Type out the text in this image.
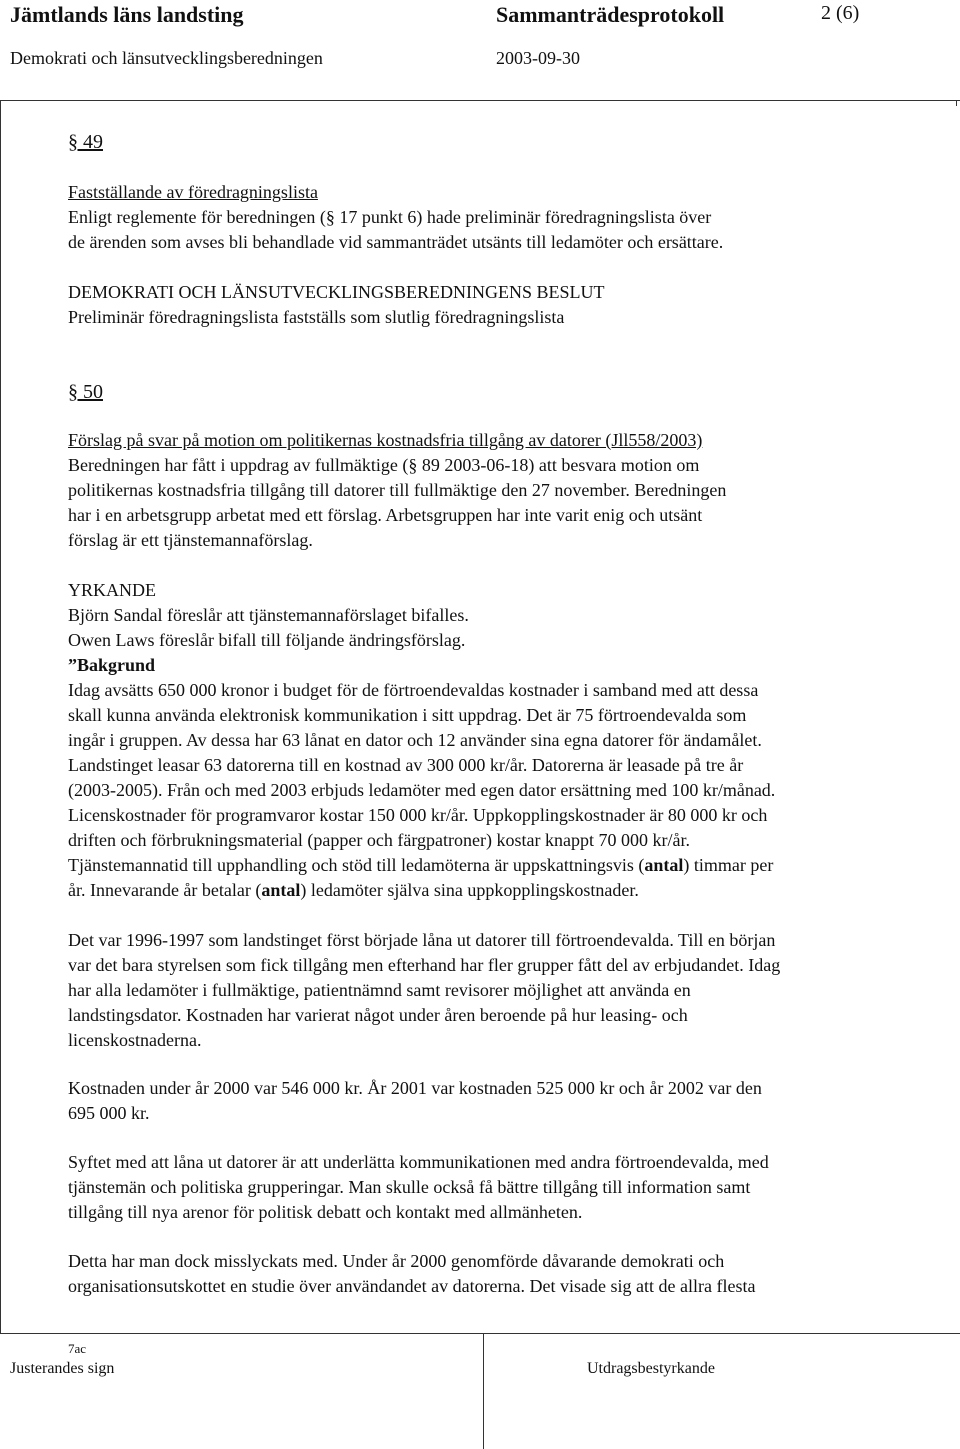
Jämtlands läns landsting	Sammanträdesprotokoll	2 (6)
Demokrati och länsutvecklingsberedningen	2003-09-30
§ 49
Fastställande av föredragningslista
Enligt reglemente för beredningen (§ 17 punkt 6) hade preliminär föredragningslista över
de ärenden som avses bli behandlade vid sammanträdet utsänts till ledamöter och ersättare.
DEMOKRATI OCH LÄNSUTVECKLINGSBEREDNINGENS BESLUT
Preliminär föredragningslista fastställs som slutlig föredragningslista
§ 50
Förslag på svar på motion om politikernas kostnadsfria tillgång av datorer (Jll558/2003)
Beredningen har fått i uppdrag av fullmäktige (§ 89 2003-06-18) att besvara motion om
politikernas kostnadsfria tillgång till datorer till fullmäktige den 27 november. Beredningen
har i en arbetsgrupp arbetat med ett förslag. Arbetsgruppen har inte varit enig och utsänt
förslag är ett tjänstemannaförslag.
YRKANDE
Björn Sandal föreslår att tjänstemannaförslaget bifalles.
Owen Laws föreslår bifall till följande ändringsförslag.
”Bakgrund
Idag avsätts 650 000 kronor i budget för de förtroendevaldas kostnader i samband med att dessa
skall kunna använda elektronisk kommunikation i sitt uppdrag. Det är 75 förtroendevalda som
ingår i gruppen. Av dessa har 63 lånat en dator och 12 använder sina egna datorer för ändamålet.
Landstinget leasar 63 datorerna till en kostnad av 300 000 kr/år. Datorerna är leasade på tre år
(2003-2005). Från och med 2003 erbjuds ledamöter med egen dator ersättning med 100 kr/månad.
Licenskostnader för programvaror kostar 150 000 kr/år. Uppkopplingskostnader är 80 000 kr och
driften och förbrukningsmaterial (papper och färgpatroner) kostar knappt 70 000 kr/år.
Tjänstemannatid till upphandling och stöd till ledamöterna är uppskattningsvis (antal) timmar per
år. Innevarande år betalar (antal) ledamöter själva sina uppkopplingskostnader.
Det var 1996-1997 som landstinget först började låna ut datorer till förtroendevalda. Till en början
var det bara styrelsen som fick tillgång men efterhand har fler grupper fått del av erbjudandet. Idag
har alla ledamöter i fullmäktige, patientnämnd samt revisorer möjlighet att använda en
landstingsdator. Kostnaden har varierat något under åren beroende på hur leasing- och
licenskostnaderna.
Kostnaden under år 2000 var 546 000 kr. År 2001 var kostnaden 525 000 kr och år 2002 var den
695 000 kr.
Syftet med att låna ut datorer är att underlätta kommunikationen med andra förtroendevalda, med
tjänstemän och politiska grupperingar. Man skulle också få bättre tillgång till information samt
tillgång till nya arenor för politisk debatt och kontakt med allmänheten.
Detta har man dock misslyckats med. Under år 2000 genomförde dåvarande demokrati och
organisationsutskottet en studie över användandet av datorerna. Det visade sig att de allra flesta
7ac
Justerandes sign	Utdragsbestyrkande
